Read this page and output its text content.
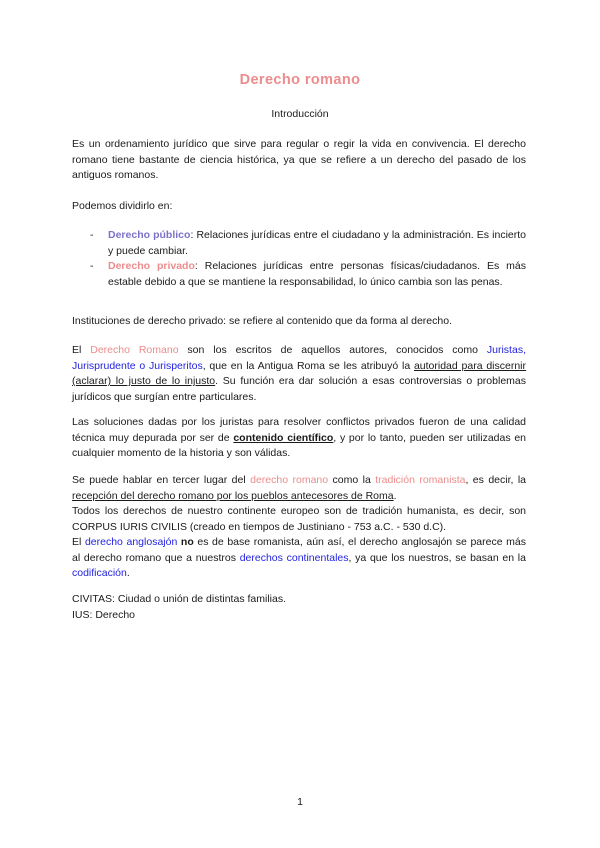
Derecho romano

Introducción

Es un ordenamiento jurídico que sirve para regular o regir la vida en convivencia. El derecho romano tiene bastante de ciencia histórica, ya que se refiere a un derecho del pasado de los antiguos romanos.

Podemos dividirlo en:

- Derecho público: Relaciones jurídicas entre el ciudadano y la administración. Es incierto y puede cambiar.
- Derecho privado: Relaciones jurídicas entre personas físicas/ciudadanos. Es más estable debido a que se mantiene la responsabilidad, lo único cambia son las penas.

Instituciones de derecho privado: se refiere al contenido que da forma al derecho.

El Derecho Romano son los escritos de aquellos autores, conocidos como Juristas, Jurisprudente o Jurisperitos, que en la Antigua Roma se les atribuyó la autoridad para discernir (aclarar) lo justo de lo injusto. Su función era dar solución a esas controversias o problemas jurídicos que surgían entre particulares.

Las soluciones dadas por los juristas para resolver conflictos privados fueron de una calidad técnica muy depurada por ser de contenido científico, y por lo tanto, pueden ser utilizadas en cualquier momento de la historia y son válidas.

Se puede hablar en tercer lugar del derecho romano como la tradición romanista, es decir, la recepción del derecho romano por los pueblos antecesores de Roma.

Todos los derechos de nuestro continente europeo son de tradición humanista, es decir, son CORPUS IURIS CIVILIS (creado en tiempos de Justiniano - 753 a.C. - 530 d.C).

El derecho anglosajón no es de base romanista, aún así, el derecho anglosajón se parece más al derecho romano que a nuestros derechos continentales, ya que los nuestros, se basan en la codificación.

CIVITAS: Ciudad o unión de distintas familias.

IUS: Derecho

1
